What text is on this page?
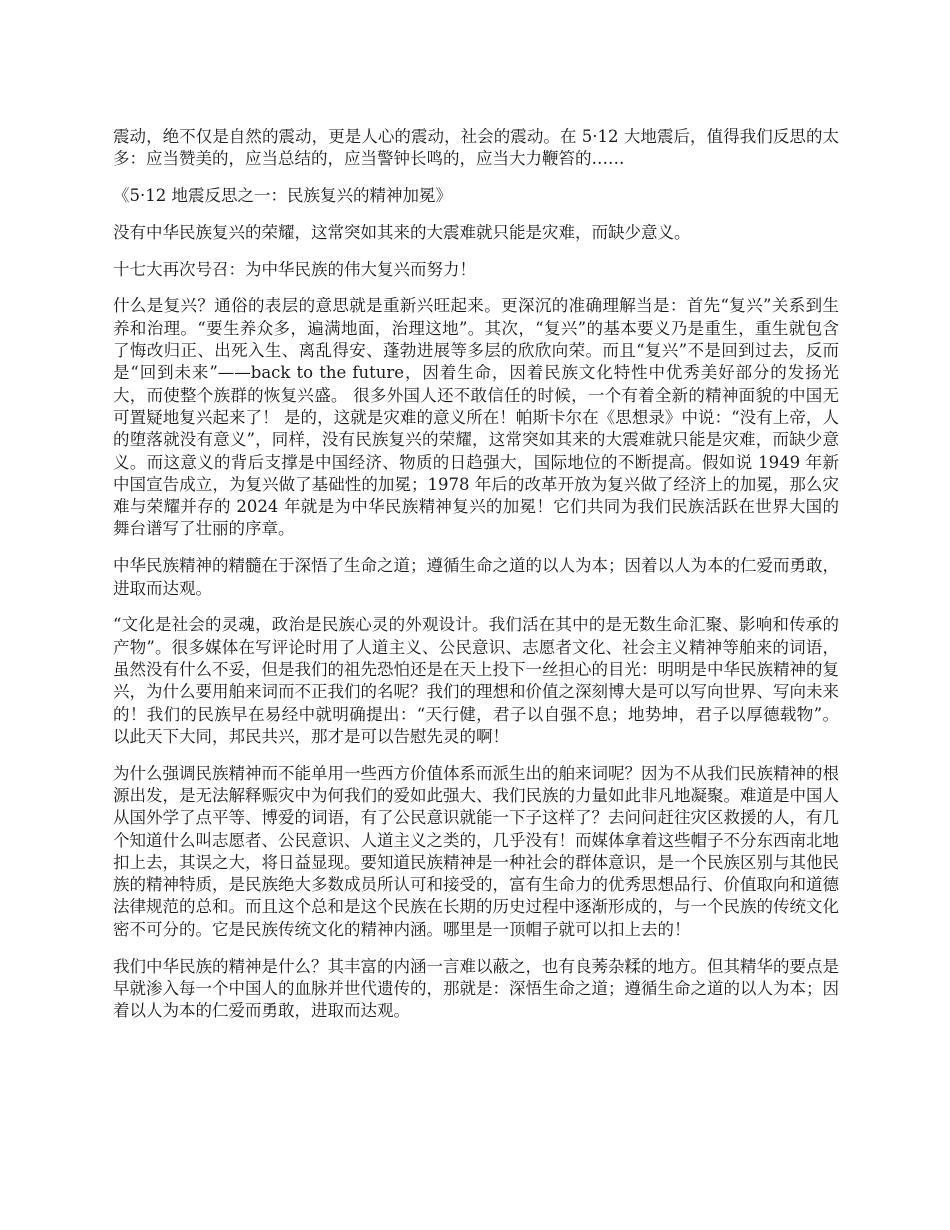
震动，绝不仅是自然的震动，更是人心的震动，社会的震动。在 5·12 大地震后，值得我们反思的太多：应当赞美的，应当总结的，应当警钟长鸣的，应当大力鞭笞的……

《5·12 地震反思之一：民族复兴的精神加冕》

没有中华民族复兴的荣耀，这常突如其来的大震难就只能是灾难，而缺少意义。

十七大再次号召：为中华民族的伟大复兴而努力！

什么是复兴？通俗的表层的意思就是重新兴旺起来。更深沉的准确理解当是：首先“复兴”关系到生养和治理。“要生养众多，遍满地面，治理这地”。其次，“复兴”的基本要义乃是重生，重生就包含了悔改归正、出死入生、离乱得安、蓬勃进展等多层的欣欣向荣。而且“复兴”不是回到过去，反而是“回到未来”——back to the future，因着生命，因着民族文化特性中优秀美好部分的发扬光大，而使整个族群的恢复兴盛。 很多外国人还不敢信任的时候，一个有着全新的精神面貌的中国无可置疑地复兴起来了！ 是的，这就是灾难的意义所在！帕斯卡尔在《思想录》中说：“没有上帝，人的堕落就没有意义”，同样，没有民族复兴的荣耀，这常突如其来的大震难就只能是灾难，而缺少意义。而这意义的背后支撑是中国经济、物质的日趋强大，国际地位的不断提高。假如说 1949 年新中国宣告成立，为复兴做了基础性的加冕；1978 年后的改革开放为复兴做了经济上的加冕，那么灾难与荣耀并存的 2024 年就是为中华民族精神复兴的加冕！它们共同为我们民族活跃在世界大国的舞台谱写了壮丽的序章。

中华民族精神的精髓在于深悟了生命之道；遵循生命之道的以人为本；因着以人为本的仁爱而勇敢，进取而达观。

“文化是社会的灵魂，政治是民族心灵的外观设计。我们活在其中的是无数生命汇聚、影响和传承的产物”。很多媒体在写评论时用了人道主义、公民意识、志愿者文化、社会主义精神等舶来的词语，虽然没有什么不妥，但是我们的祖先恐怕还是在天上投下一丝担心的目光：明明是中华民族精神的复兴，为什么要用舶来词而不正我们的名呢？我们的理想和价值之深刻博大是可以写向世界、写向未来的！我们的民族早在易经中就明确提出：“天行健，君子以自强不息；地势坤，君子以厚德载物”。以此天下大同，邦民共兴，那才是可以告慰先灵的啊！

为什么强调民族精神而不能单用一些西方价值体系而派生出的舶来词呢？因为不从我们民族精神的根源出发，是无法解释赈灾中为何我们的爱如此强大、我们民族的力量如此非凡地凝聚。难道是中国人从国外学了点平等、博爱的词语，有了公民意识就能一下子这样了？去问问赶往灾区救援的人，有几个知道什么叫志愿者、公民意识、人道主义之类的，几乎没有！而媒体拿着这些帽子不分东西南北地扣上去，其误之大，将日益显现。要知道民族精神是一种社会的群体意识，是一个民族区别与其他民族的精神特质，是民族绝大多数成员所认可和接受的，富有生命力的优秀思想品行、价值取向和道德法律规范的总和。而且这个总和是这个民族在长期的历史过程中逐渐形成的，与一个民族的传统文化密不可分的。它是民族传统文化的精神内涵。哪里是一顶帽子就可以扣上去的！

我们中华民族的精神是什么？其丰富的内涵一言难以蔽之，也有良莠杂糅的地方。但其精华的要点是早就渗入每一个中国人的血脉并世代遗传的，那就是：深悟生命之道；遵循生命之道的以人为本；因着以人为本的仁爱而勇敢，进取而达观。
